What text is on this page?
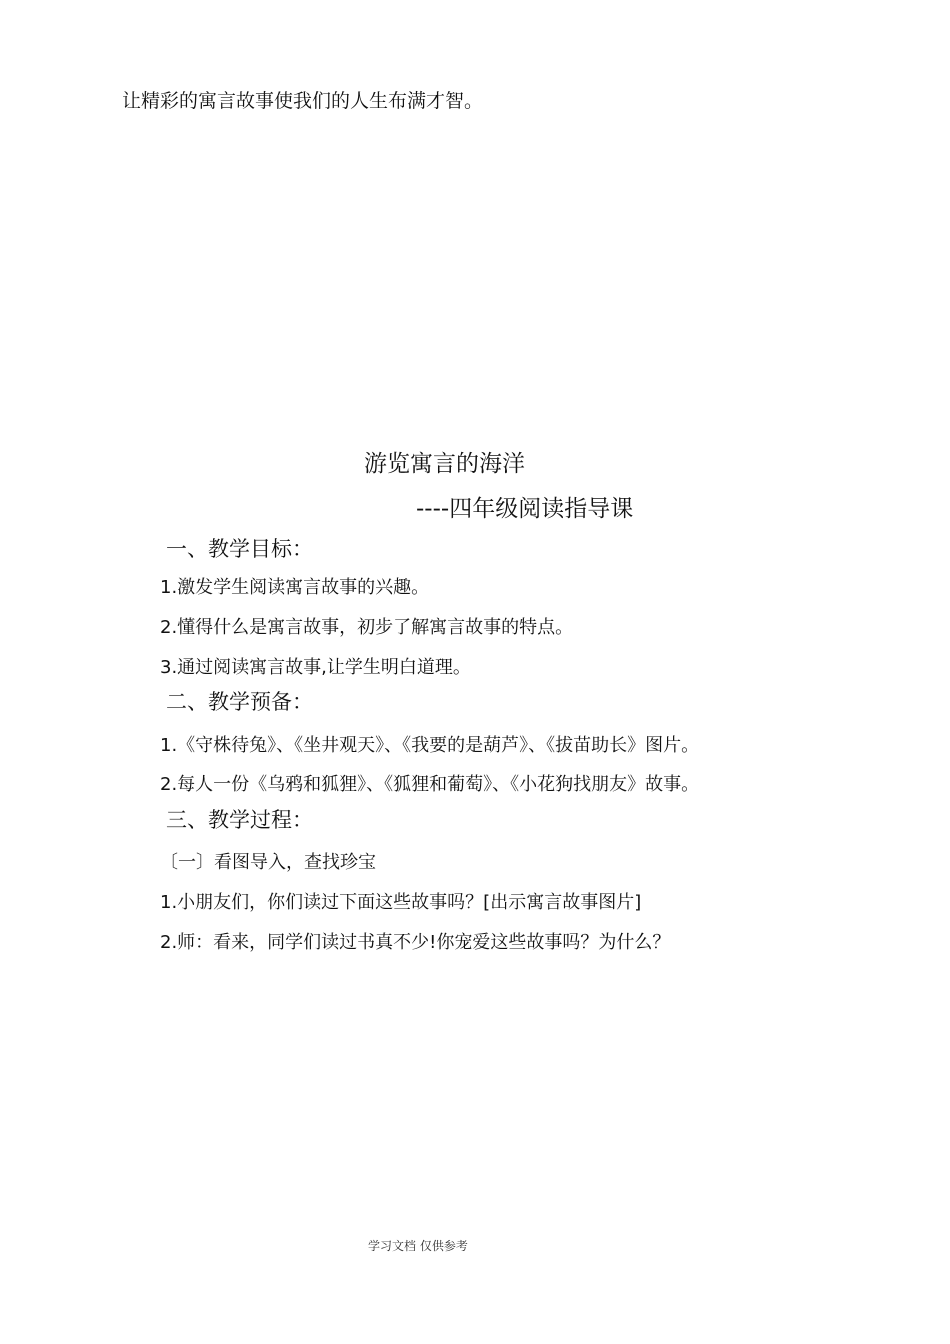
让精彩的寓言故事使我们的人生布满才智。
游览寓言的海洋
----四年级阅读指导课
一、教学目标：
1.激发学生阅读寓言故事的兴趣。
2.懂得什么是寓言故事，初步了解寓言故事的特点。
3.通过阅读寓言故事,让学生明白道理。
二、教学预备：
1.《守株待兔》、《坐井观天》、《我要的是葫芦》、《拔苗助长》图片。
2.每人一份《乌鸦和狐狸》、《狐狸和葡萄》、《小花狗找朋友》故事。
三、教学过程：
〔一〕看图导入，查找珍宝
1.小朋友们，你们读过下面这些故事吗？[出示寓言故事图片]
2.师：看来，同学们读过书真不少!你宠爱这些故事吗？为什么？
学习文档 仅供参考
